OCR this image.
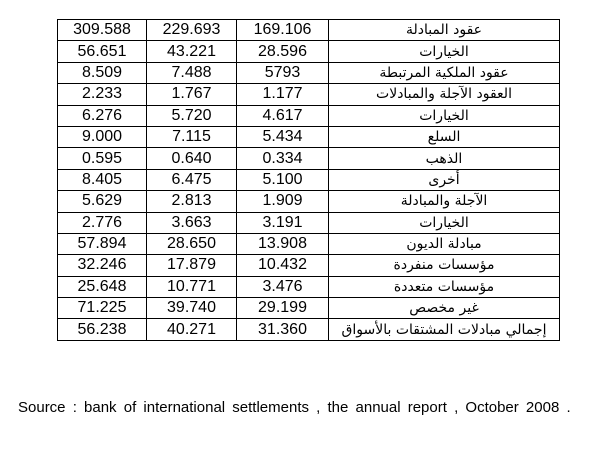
309.588	229.693	169.106	عقود المبادلة
56.651	43.221	28.596	الخيارات
8.509	7.488	5793	عقود الملكية المرتبطة
2.233	1.767	1.177	العقود الآجلة والمبادلات
6.276	5.720	4.617	الخيارات
9.000	7.115	5.434	السلع
0.595	0.640	0.334	الذهب
8.405	6.475	5.100	أخرى
5.629	2.813	1.909	الآجلة والمبادلة
2.776	3.663	3.191	الخيارات
57.894	28.650	13.908	مبادلة الديون
32.246	17.879	10.432	مؤسسات منفردة
25.648	10.771	3.476	مؤسسات متعددة
71.225	39.740	29.199	غير مخصص
56.238	40.271	31.360	إجمالي مبادلات المشتقات بالأسواق
Source : bank of international settlements , the annual report , October 2008 .
